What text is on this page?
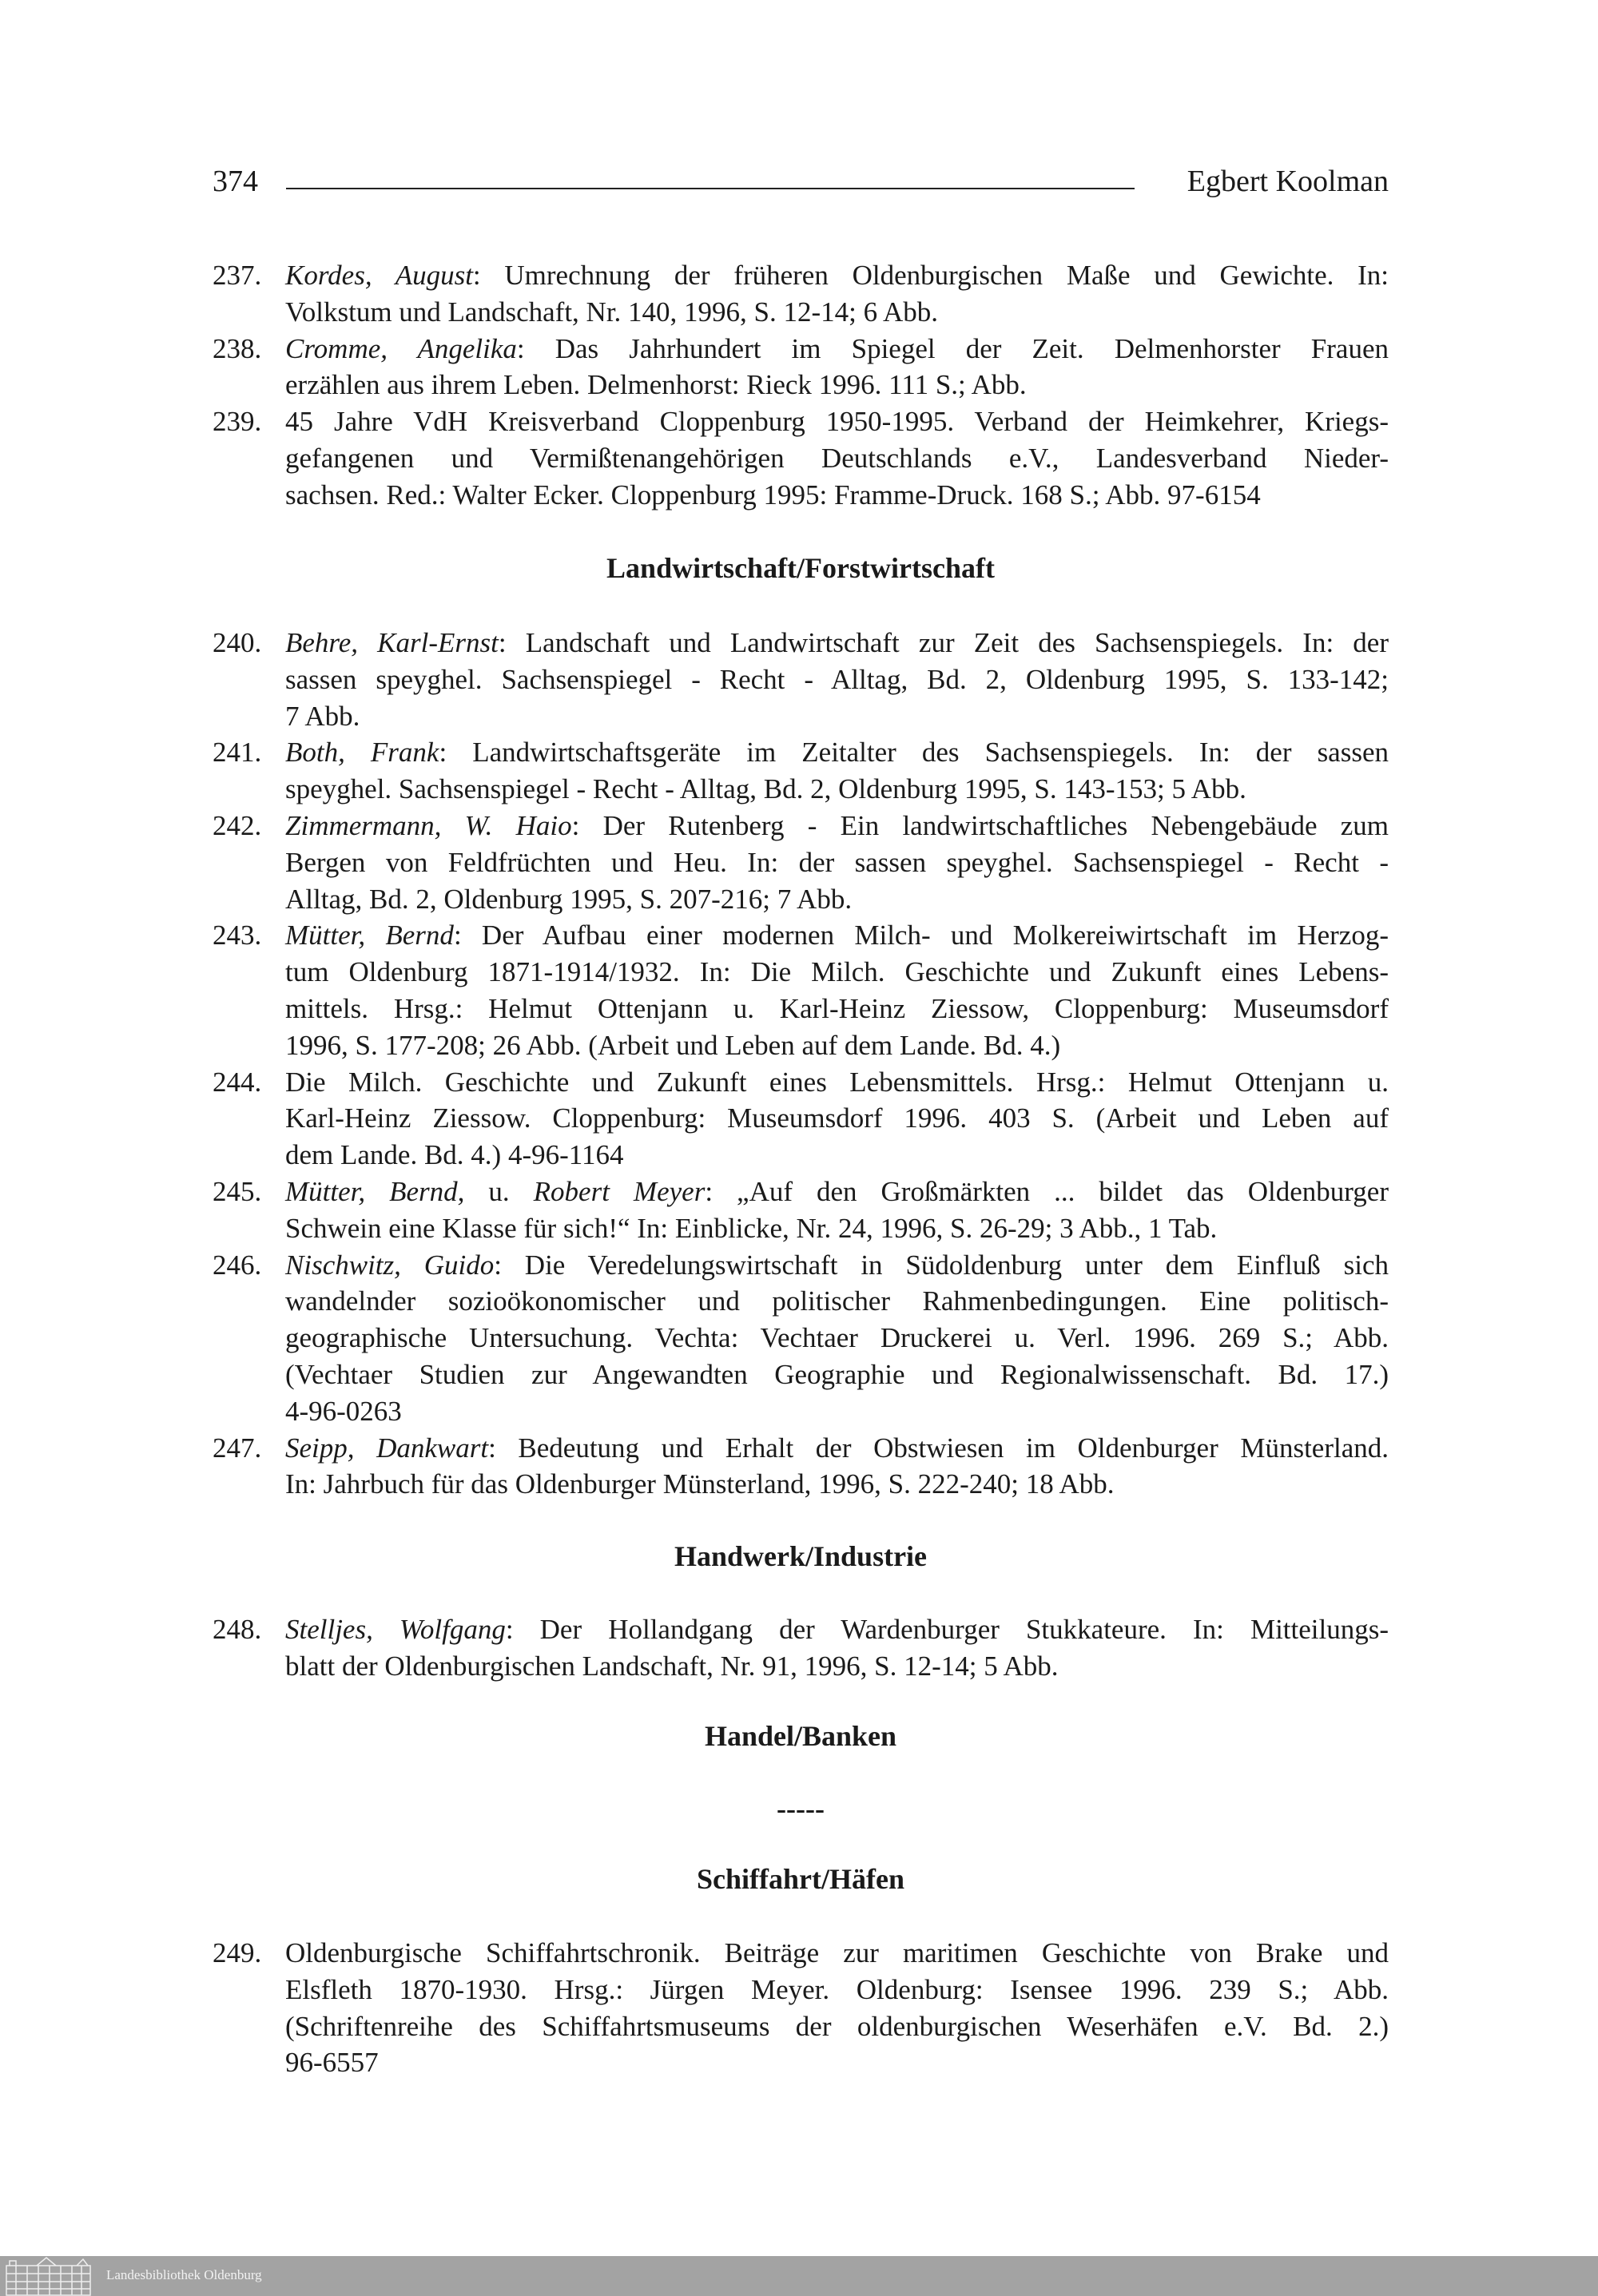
374	Egbert Koolman
237. Kordes, August: Umrechnung der früheren Oldenburgischen Maße und Gewichte. In:
Volkstum und Landschaft, Nr. 140, 1996, S. 12-14; 6 Abb.
238. Cromme, Angelika: Das Jahrhundert im Spiegel der Zeit. Delmenhorster Frauen
erzählen aus ihrem Leben. Delmenhorst: Rieck 1996. 111 S.; Abb.
239. 45 Jahre VdH Kreisverband Cloppenburg 1950-1995. Verband der Heimkehrer, Kriegs-
gefangenen und Vermißtenangehörigen Deutschlands e.V., Landesverband Nieder-
sachsen. Red.: Walter Ecker. Cloppenburg 1995: Framme-Druck. 168 S.; Abb. 97-6154
Landwirtschaft/Forstwirtschaft
240. Behre, Karl-Ernst: Landschaft und Landwirtschaft zur Zeit des Sachsenspiegels. In: der
sassen speyghel. Sachsenspiegel - Recht - Alltag, Bd. 2, Oldenburg 1995, S. 133-142;
7 Abb.
241. Both, Frank: Landwirtschaftsgeräte im Zeitalter des Sachsenspiegels. In: der sassen
speyghel. Sachsenspiegel - Recht - Alltag, Bd. 2, Oldenburg 1995, S. 143-153; 5 Abb.
242. Zimmermann, W. Haio: Der Rutenberg - Ein landwirtschaftliches Nebengebäude zum
Bergen von Feldfrüchten und Heu. In: der sassen speyghel. Sachsenspiegel - Recht -
Alltag, Bd. 2, Oldenburg 1995, S. 207-216; 7 Abb.
243. Mütter, Bernd: Der Aufbau einer modernen Milch- und Molkereiwirtschaft im Herzog-
tum Oldenburg 1871-1914/1932. In: Die Milch. Geschichte und Zukunft eines Lebens-
mittels. Hrsg.: Helmut Ottenjann u. Karl-Heinz Ziessow, Cloppenburg: Museumsdorf
1996, S. 177-208; 26 Abb. (Arbeit und Leben auf dem Lande. Bd. 4.)
244. Die Milch. Geschichte und Zukunft eines Lebensmittels. Hrsg.: Helmut Ottenjann u.
Karl-Heinz Ziessow. Cloppenburg: Museumsdorf 1996. 403 S. (Arbeit und Leben auf
dem Lande. Bd. 4.) 4-96-1164
245. Mütter, Bernd, u. Robert Meyer: „Auf den Großmärkten ... bildet das Oldenburger
Schwein eine Klasse für sich!“ In: Einblicke, Nr. 24, 1996, S. 26-29; 3 Abb., 1 Tab.
246. Nischwitz, Guido: Die Veredelungswirtschaft in Südoldenburg unter dem Einfluß sich
wandelnder sozioökonomischer und politischer Rahmenbedingungen. Eine politisch-
geographische Untersuchung. Vechta: Vechtaer Druckerei u. Verl. 1996. 269 S.; Abb.
(Vechtaer Studien zur Angewandten Geographie und Regionalwissenschaft. Bd. 17.)
4-96-0263
247. Seipp, Dankwart: Bedeutung und Erhalt der Obstwiesen im Oldenburger Münsterland.
In: Jahrbuch für das Oldenburger Münsterland, 1996, S. 222-240; 18 Abb.
Handwerk/Industrie
248. Stelljes, Wolfgang: Der Hollandgang der Wardenburger Stukkateure. In: Mitteilungs-
blatt der Oldenburgischen Landschaft, Nr. 91, 1996, S. 12-14; 5 Abb.
Handel/Banken
-----
Schiffahrt/Häfen
249. Oldenburgische Schiffahrtschronik. Beiträge zur maritimen Geschichte von Brake und
Elsfleth 1870-1930. Hrsg.: Jürgen Meyer. Oldenburg: Isensee 1996. 239 S.; Abb.
(Schriftenreihe des Schiffahrtsmuseums der oldenburgischen Weserhäfen e.V. Bd. 2.)
96-6557
Landesbibliothek Oldenburg
